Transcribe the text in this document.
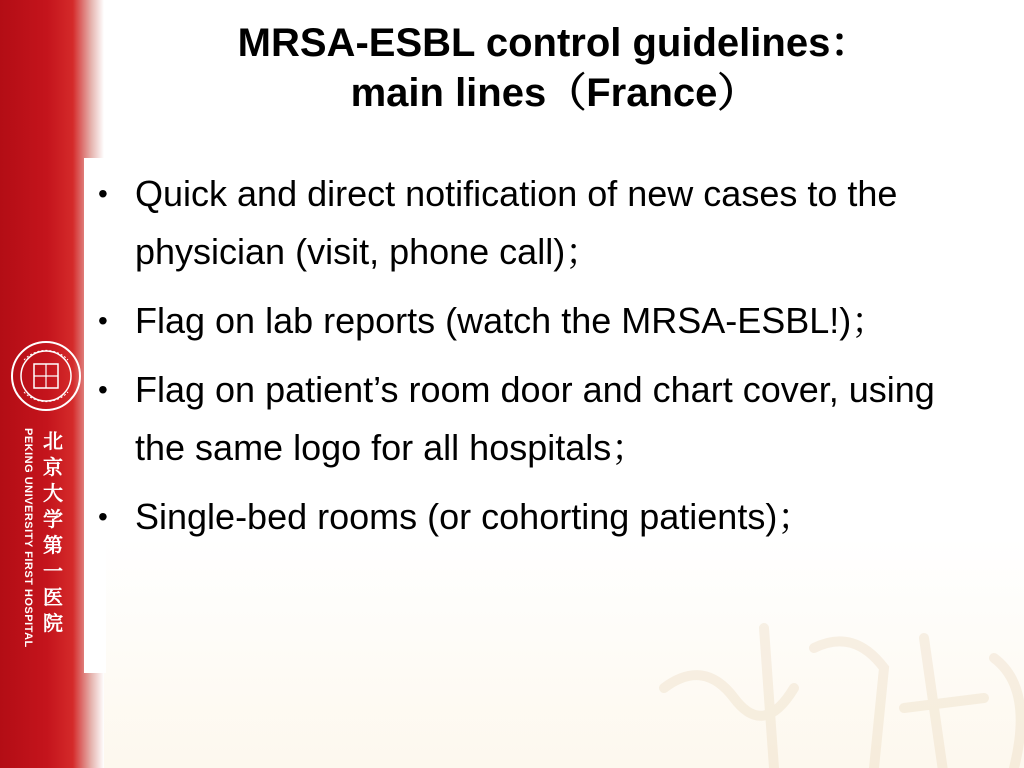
PEKING UNIVERSITY FIRST HOSPITAL 北
京
大
学
第
一
医
院
MRSA-ESBL control guidelines：
main lines（France）
• Quick and direct notification of new cases to the physician (visit, phone call)；
• Flag on lab reports (watch the MRSA-ESBL!)；
• Flag on patient’s room door and chart cover, using the same logo for all hospitals；
• Single-bed rooms (or cohorting patients)；
